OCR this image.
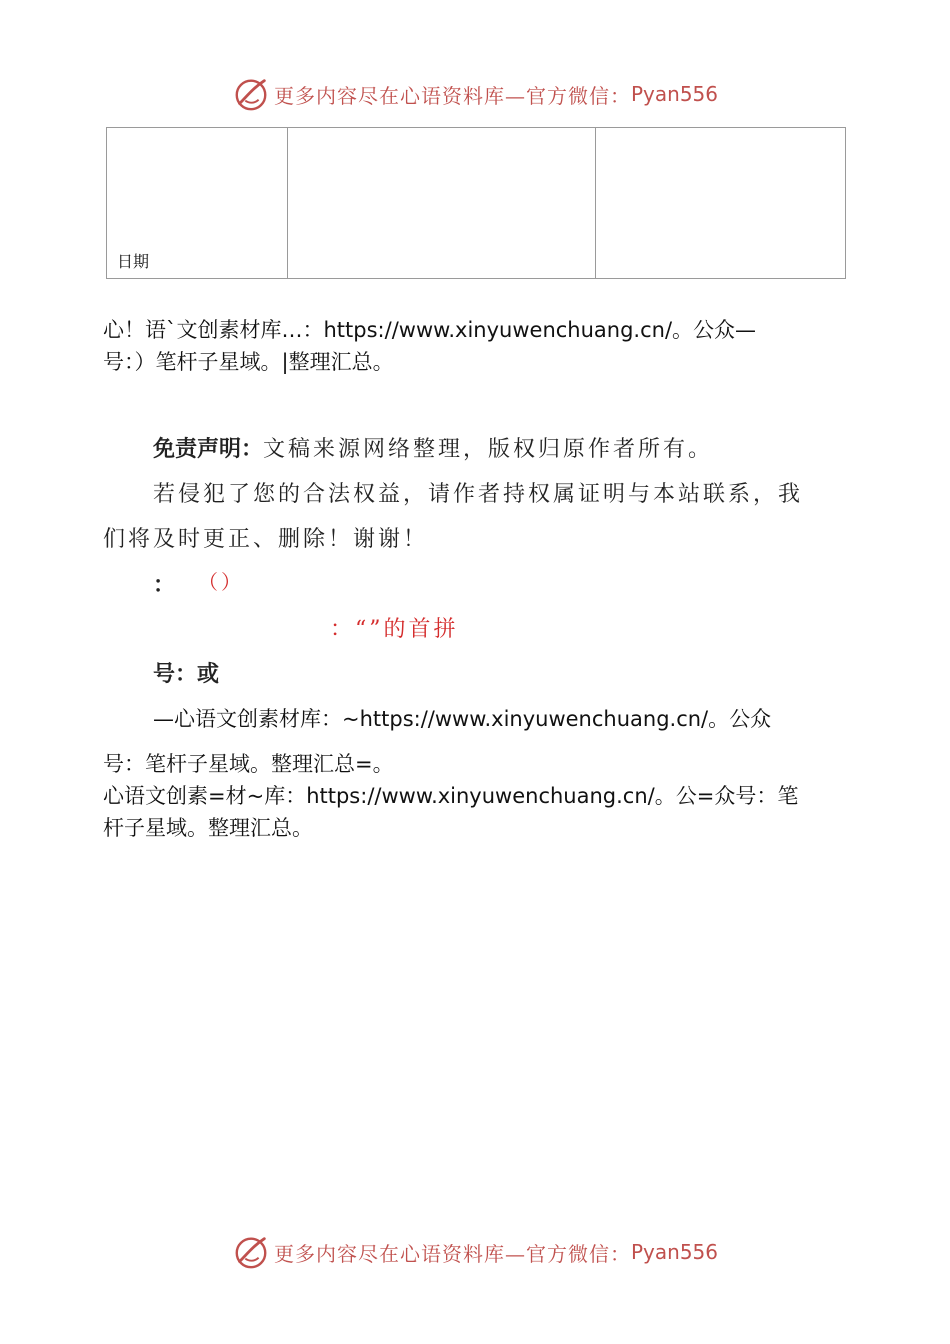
更多内容尽在心语资料库—官方微信： Pyan556
日期

心！语`文创素材库…：https://www.xinyuwenchuang.cn/。公众—
号：）笔杆子星域。|整理汇总。
免责声明：文稿来源网络整理，版权归原作者所有。
若侵犯了您的合法权益，请作者持权属证明与本站联系，我
们将及时更正、删除！谢谢！
： （）
：“”的首拼
号：或
—心语文创素材库：~https://www.xinyuwenchuang.cn/。公众
号：笔杆子星域。整理汇总=。
心语文创素=材~库：https://www.xinyuwenchuang.cn/。公=众号：笔
杆子星域。整理汇总。
更多内容尽在心语资料库—官方微信： Pyan556
